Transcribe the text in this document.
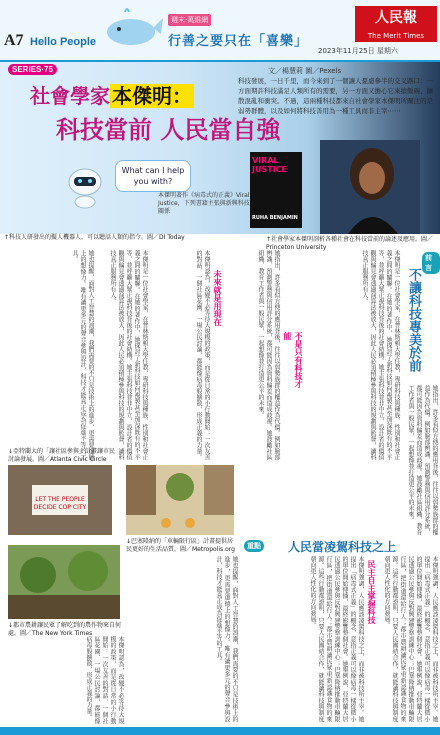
A7 Hello People
週末·萬維網
行善之要只在「喜樂」
人民報
The Merit Times
2023年11月25日 星期六
SERIES·75
社會學家 本傑明：
科技當前 人民當自強
文／楊慧莉 圖／Pexels
科技發展，一日千里，而今來到了一個讓人憂慮參半的交叉路口：一方面期許科技滿足人類所有的需要，另一方面又擔心它來搶飯碗、擴散混亂和衝突。不過，這兩種科技都來自社會學家本傑明所關注的是弱勢群體，以及如何將科技善用為一種工具而非主宰⋯⋯
What can I help you with?
VIRAL JUSTICE
RUHA BENJAMIN
本傑明著作《病毒式的正義》Viral Justice，下列書籍主張與新興科技關係
↑科技人研發出的擬人機器人，可以聽話人類的指令。圖／DI Today	↑社會學家本傑明剖析各種社會在科技當前的論述及應用。圖／Princeton University
前言
不讓科技專美於前
本傑明是一位社會學家，在普林斯頓大學任教，專研科技與種族、性別和社會正義之間的關聯。在她的著作中，她探討了新科技如何複製甚至加深既有的不平等，並呼籲大眾正視科技背後的社會結構。她主張科技並非中立，設計者的價值觀與偏見會透過演算法被放大，因此人民必須積極參與科技的規劃與監督，讓科技真正服務所有人。
她指出，許多看似方便的應用背後，往往以弱勢族群的權益作為代價。例如臉部辨識、預測警務與信用評分系統，都可能因為資料偏差而造成歧視。她鼓勵社區組織、教育工作者與一般民眾，一起想像並打造更公平的未來。
不是只有科技才能
她指出，許多看似方便的應用背後，往往以弱勢族群的權益作為代價。例如臉部辨識、預測警務與信用評分系統，都可能因為資料偏差而造成歧視。她鼓勵社區組織、教育工作者與一般民眾，一起想像並打造更公平的未來。
未來就是用現在
本傑明認為，改變不必等待大規模的政策，而是從日常的小行動開始：一次友善的對話、一個社區花園、一場公民討論，都能像病毒般擴散，形成正義的力量。
本傑明是一位社會學家，在普林斯頓大學任教，專研科技與種族、性別和社會正義之間的關聯。在她的著作中，她探討了新科技如何複製甚至加深既有的不平等，並呼籲大眾正視科技背後的社會結構。她主張科技並非中立，設計者的價值觀與偏見會透過演算法被放大，因此人民必須積極參與科技的規劃與監督，讓科技真正服務所有人。
她也提醒，面對人工智慧的浪潮，我們需要的不只是技術上的進步，更需要道德上的想像力。唯有讓更多元的聲音參與設計，科技才能真正成為促進平等的工具。
↓亞特蘭大的「讓社區參與」計畫讓市民討論發展。圖／Atlanta Civic Circle
LET THE PEOPLE
DECIDE COP CITY
↓巴塞隆納的「車輛限行區」計畫提供居民更好的生活品質。圖／Metropolis.org
↓都市農耕讓民眾了解吃到的農作物來自何處。圖／The New York Times
重點 人民當凌駕科技之上
民主自主掌握科技
本傑明強調，人民應該凌駕科技之上，而非被科技所主宰。她提出「病毒式正義」的概念，意指正義可以像病毒一樣從微小的單位開始傳播，最終影響整個社會。她舉例說，亞特蘭大居民透過公民參與反對興建警察訓練中心；巴塞隆納推動車輛限行區，把街道還給行人；都市農耕讓民眾重新認識食物的來源。這些行動都證明，只要人民團結合作，就能讓科技與制度朝向更人性化的方向發展。	本傑明強調，人民應該凌駕科技之上，而非被科技所主宰。她提出「病毒式正義」的概念，意指正義可以像病毒一樣從微小的單位開始傳播，最終影響整個社會。她舉例說，亞特蘭大居民透過公民參與反對興建警察訓練中心；巴塞隆納推動車輛限行區，把街道還給行人；都市農耕讓民眾重新認識食物的來源。這些行動都證明，只要人民團結合作，就能讓科技與制度朝向更人性化的方向發展。
她也提醒，面對人工智慧的浪潮，我們需要的不只是技術上的進步，更需要道德上的想像力。唯有讓更多元的聲音參與設計，科技才能真正成為促進平等的工具。
本傑明認為，改變不必等待大規模的政策，而是從日常的小行動開始：一次友善的對話、一個社區花園、一場公民討論，都能像病毒般擴散，形成正義的力量。
